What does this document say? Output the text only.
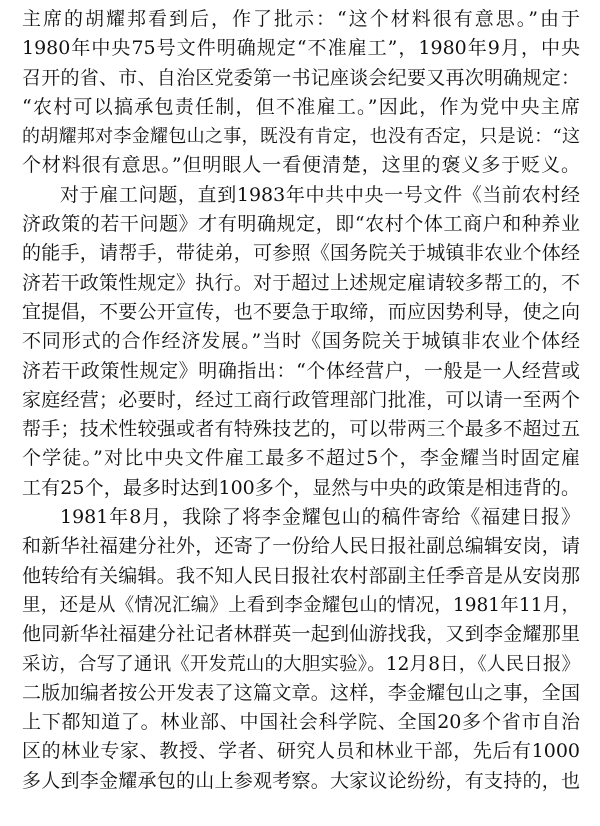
主席的胡耀邦看到后，作了批示：“这个材料很有意思。”由于
1980年中央75号文件明确规定“不准雇工”，1980年9月，中央
召开的省、市、自治区党委第一书记座谈会纪要又再次明确规定：
“农村可以搞承包责任制，但不准雇工。”因此，作为党中央主席
的胡耀邦对李金耀包山之事，既没有肯定，也没有否定，只是说：“这
个材料很有意思。”但明眼人一看便清楚，这里的褒义多于贬义。
对于雇工问题，直到1983年中共中央一号文件《当前农村经
济政策的若干问题》才有明确规定，即“农村个体工商户和种养业
的能手，请帮手，带徒弟，可参照《国务院关于城镇非农业个体经
济若干政策性规定》执行。对于超过上述规定雇请较多帮工的，不
宜提倡，不要公开宣传，也不要急于取缔，而应因势利导，使之向
不同形式的合作经济发展。”当时《国务院关于城镇非农业个体经
济若干政策性规定》明确指出：“个体经营户，一般是一人经营或
家庭经营；必要时，经过工商行政管理部门批准，可以请一至两个
帮手；技术性较强或者有特殊技艺的，可以带两三个最多不超过五
个学徒。”对比中央文件雇工最多不超过5个，李金耀当时固定雇
工有25个，最多时达到100多个，显然与中央的政策是相违背的。
1981年8月，我除了将李金耀包山的稿件寄给《福建日报》
和新华社福建分社外，还寄了一份给人民日报社副总编辑安岗，请
他转给有关编辑。我不知人民日报社农村部副主任季音是从安岗那
里，还是从《情况汇编》上看到李金耀包山的情况，1981年11月，
他同新华社福建分社记者林群英一起到仙游找我，又到李金耀那里
采访，合写了通讯《开发荒山的大胆实验》。12月8日，《人民日报》
二版加编者按公开发表了这篇文章。这样，李金耀包山之事，全国
上下都知道了。林业部、中国社会科学院、全国20多个省市自治
区的林业专家、教授、学者、研究人员和林业干部，先后有1000
多人到李金耀承包的山上参观考察。大家议论纷纷，有支持的，也
